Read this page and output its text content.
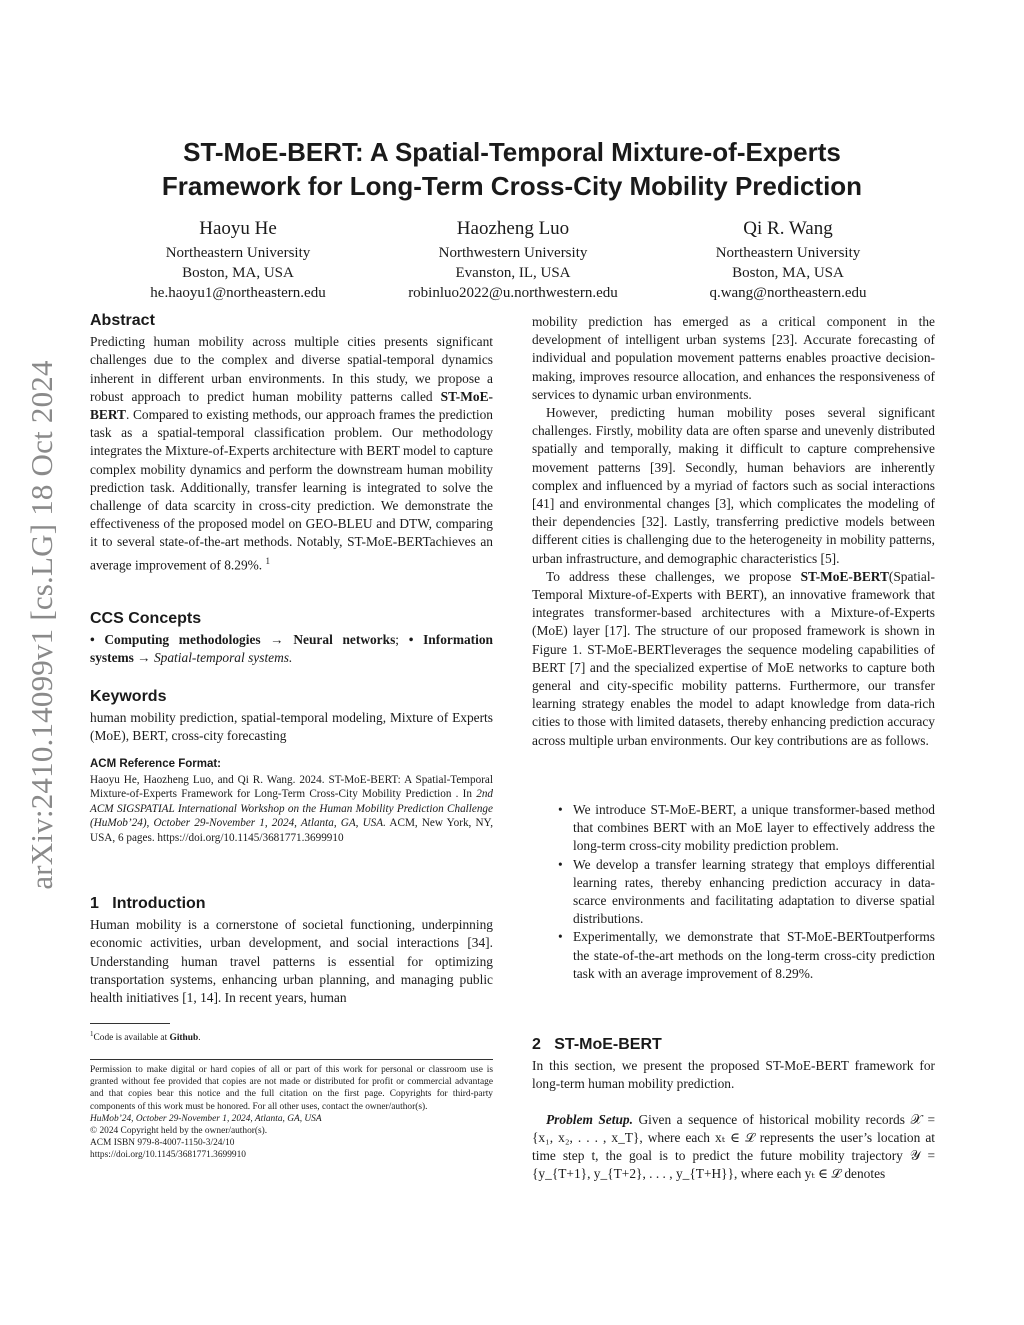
arXiv:2410.14099v1 [cs.LG] 18 Oct 2024
ST-MoE-BERT: A Spatial-Temporal Mixture-of-Experts
Framework for Long-Term Cross-City Mobility Prediction
Haoyu He
Northeastern University
Boston, MA, USA
he.haoyu1@northeastern.edu
Haozheng Luo
Northwestern University
Evanston, IL, USA
robinluo2022@u.northwestern.edu
Qi R. Wang
Northeastern University
Boston, MA, USA
q.wang@northeastern.edu
Abstract

Predicting human mobility across multiple cities presents significant challenges due to the complex and diverse spatial-temporal dynamics inherent in different urban environments. In this study, we propose a robust approach to predict human mobility patterns called ST-MoE-BERT. Compared to existing methods, our approach frames the prediction task as a spatial-temporal classification problem. Our methodology integrates the Mixture-of-Experts architecture with BERT model to capture complex mobility dynamics and perform the downstream human mobility prediction task. Additionally, transfer learning is integrated to solve the challenge of data scarcity in cross-city prediction. We demonstrate the effectiveness of the proposed model on GEO-BLEU and DTW, comparing it to several state-of-the-art methods. Notably, ST-MoE-BERTachieves an average improvement of 8.29%. $^1$

CCS Concepts

• Computing methodologies → Neural networks; • Information systems → Spatial-temporal systems.

Keywords

human mobility prediction, spatial-temporal modeling, Mixture of Experts (MoE), BERT, cross-city forecasting

ACM Reference Format:

Haoyu He, Haozheng Luo, and Qi R. Wang. 2024. ST-MoE-BERT: A Spatial-Temporal Mixture-of-Experts Framework for Long-Term Cross-City Mobility Prediction . In 2nd ACM SIGSPATIAL International Workshop on the Human Mobility Prediction Challenge (HuMob’24), October 29-November 1, 2024, Atlanta, GA, USA. ACM, New York, NY, USA, 6 pages. https://doi.org/10.1145/3681771.3699910

1 Introduction

Human mobility is a cornerstone of societal functioning, underpinning economic activities, urban development, and social interactions [34]. Understanding human travel patterns is essential for optimizing transportation systems, enhancing urban planning, and managing public health initiatives [1, 14]. In recent years, human

$^1$Code is available at Github.

Permission to make digital or hard copies of all or part of this work for personal or classroom use is granted without fee provided that copies are not made or distributed for profit or commercial advantage and that copies bear this notice and the full citation on the first page. Copyrights for third-party components of this work must be honored. For all other uses, contact the owner/author(s).

HuMob’24, October 29-November 1, 2024, Atlanta, GA, USA

© 2024 Copyright held by the owner/author(s).

ACM ISBN 979-8-4007-1150-3/24/10

https://doi.org/10.1145/3681771.3699910

mobility prediction has emerged as a critical component in the development of intelligent urban systems [23]. Accurate forecasting of individual and population movement patterns enables proactive decision-making, improves resource allocation, and enhances the responsiveness of services to dynamic urban environments.

However, predicting human mobility poses several significant challenges. Firstly, mobility data are often sparse and unevenly distributed spatially and temporally, making it difficult to capture comprehensive movement patterns [39]. Secondly, human behaviors are inherently complex and influenced by a myriad of factors such as social interactions [41] and environmental changes [3], which complicates the modeling of their dependencies [32]. Lastly, transferring predictive models between different cities is challenging due to the heterogeneity in mobility patterns, urban infrastructure, and demographic characteristics [5].

To address these challenges, we propose ST-MoE-BERT(Spatial-Temporal Mixture-of-Experts with BERT), an innovative framework that integrates transformer-based architectures with a Mixture-of-Experts (MoE) layer [17]. The structure of our proposed framework is shown in Figure 1. ST-MoE-BERTleverages the sequence modeling capabilities of BERT [7] and the specialized expertise of MoE networks to capture both general and city-specific mobility patterns. Furthermore, our transfer learning strategy enables the model to adapt knowledge from data-rich cities to those with limited datasets, thereby enhancing prediction accuracy across multiple urban environments. Our key contributions are as follows.

• We introduce ST-MoE-BERT, a unique transformer-based method that combines BERT with an MoE layer to effectively address the long-term cross-city mobility prediction problem.
• We develop a transfer learning strategy that employs differential learning rates, thereby enhancing prediction accuracy in data-scarce environments and facilitating adaptation to diverse spatial distributions.
• Experimentally, we demonstrate that ST-MoE-BERToutperforms the state-of-the-art methods on the long-term cross-city prediction task with an average improvement of 8.29%.
2 ST-MoE-BERT

In this section, we present the proposed ST-MoE-BERT framework for long-term human mobility prediction.

Problem Setup. Given a sequence of historical mobility records 𝒳 = {x₁, x₂, . . . , x_T}, where each xₜ ∈ ℒ represents the user’s location at time step t, the goal is to predict the future mobility trajectory 𝒴 = {y_{T+1}, y_{T+2}, . . . , y_{T+H}}, where each yₜ ∈ ℒ denotes
